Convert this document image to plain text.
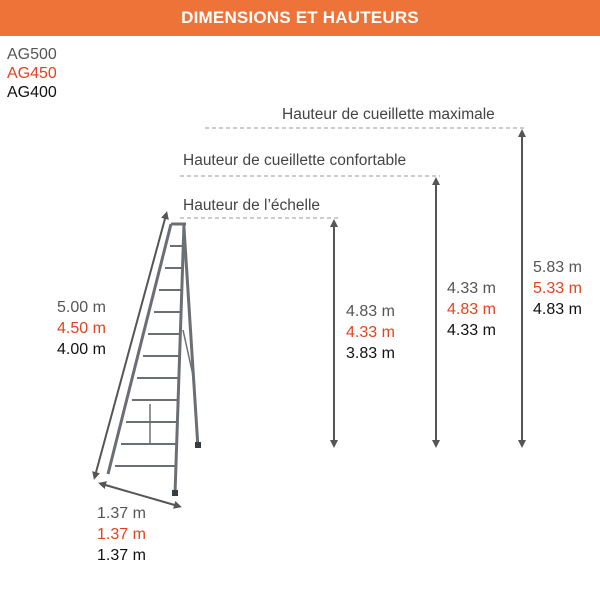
DIMENSIONS ET HAUTEURS
AG500
AG450
AG400
Hauteur de cueillette maximale
Hauteur de cueillette confortable
Hauteur de l’échelle
5.00 m
4.50 m
4.00 m
1.37 m
1.37 m
1.37 m
4.83 m
4.33 m
3.83 m
4.33 m
4.83 m
4.33 m
5.83 m
5.33 m
4.83 m
